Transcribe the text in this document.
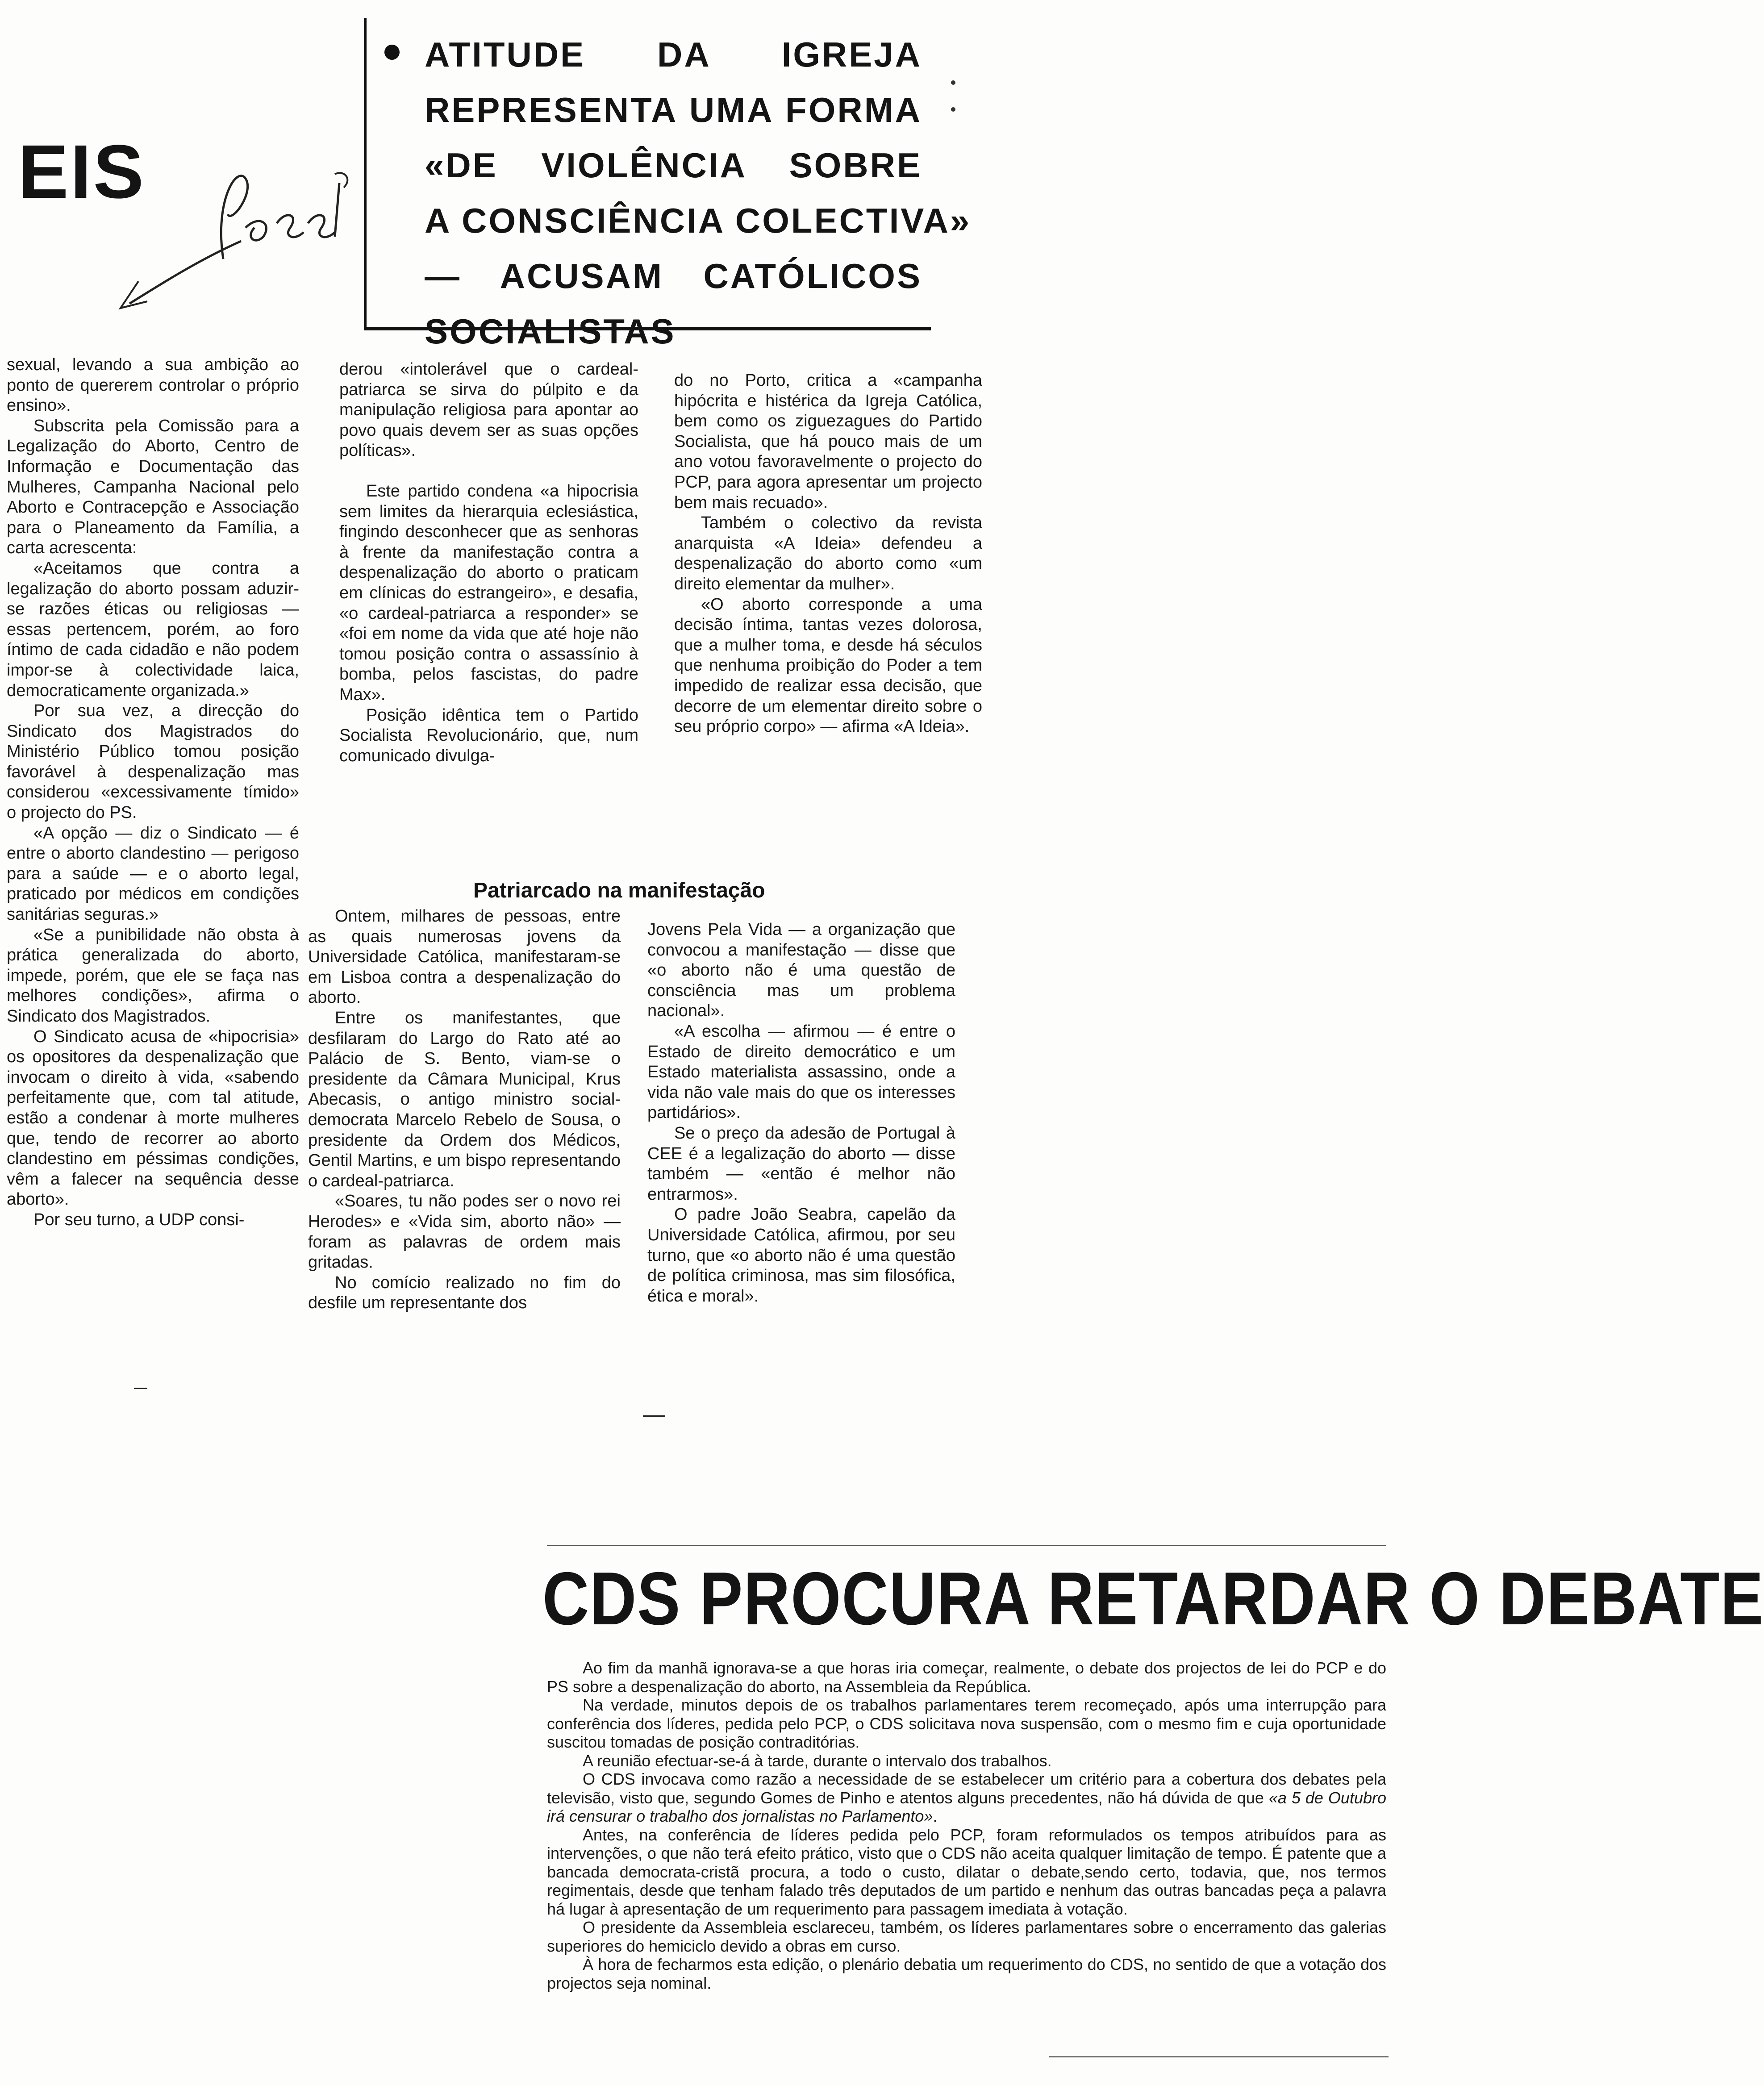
EIS
ATITUDE DA IGREJA
REPRESENTA UMA FORMA
«DE VIOLÊNCIA SOBRE
A CONSCIÊNCIA COLECTIVA»
— ACUSAM CATÓLICOS
SOCIALISTAS

sexual, levando a sua ambição ao ponto de quererem controlar o próprio ensino».

Subscrita pela Comissão para a Legalização do Aborto, Centro de Informação e Documentação das Mulheres, Campanha Nacional pelo Aborto e Contracepção e Associação para o Planeamento da Família, a carta acrescenta:

«Aceitamos que contra a legalização do aborto possam aduzir-se razões éticas ou religiosas — essas pertencem, porém, ao foro íntimo de cada cidadão e não podem impor-se à colectividade laica, democraticamente organizada.»

Por sua vez, a direcção do Sindicato dos Magistrados do Ministério Público tomou posição favorável à despenalização mas considerou «excessivamente tímido» o projecto do PS.

«A opção — diz o Sindicato — é entre o aborto clandestino — perigoso para a saúde — e o aborto legal, praticado por médicos em condições sanitárias seguras.»

«Se a punibilidade não obsta à prática generalizada do aborto, impede, porém, que ele se faça nas melhores condições», afirma o Sindicato dos Magistrados.

O Sindicato acusa de «hipocrisia» os opositores da despenalização que invocam o direito à vida, «sabendo perfeitamente que, com tal atitude, estão a condenar à morte mulheres que, tendo de recorrer ao aborto clandestino em péssimas condições, vêm a falecer na sequência desse aborto».

Por seu turno, a UDP consi-

derou «intolerável que o cardeal-patriarca se sirva do púlpito e da manipulação religiosa para apontar ao povo quais devem ser as suas opções políticas».

Este partido condena «a hipocrisia sem limites da hierarquia eclesiástica, fingindo desconhecer que as senhoras à frente da manifestação contra a despenalização do aborto o praticam em clínicas do estrangeiro», e desafia, «o cardeal-patriarca a responder» se «foi em nome da vida que até hoje não tomou posição contra o assassínio à bomba, pelos fascistas, do padre Max».

Posição idêntica tem o Partido Socialista Revolucionário, que, num comunicado divulga-

do no Porto, critica a «campanha hipócrita e histérica da Igreja Católica, bem como os ziguezagues do Partido Socialista, que há pouco mais de um ano votou favoravelmente o projecto do PCP, para agora apresentar um projecto bem mais recuado».

Também o colectivo da revista anarquista «A Ideia» defendeu a despenalização do aborto como «um direito elementar da mulher».

«O aborto corresponde a uma decisão íntima, tantas vezes dolorosa, que a mulher toma, e desde há séculos que nenhuma proibição do Poder a tem impedido de realizar essa decisão, que decorre de um elementar direito sobre o seu próprio corpo» — afirma «A Ideia».

Patriarcado na manifestação

Ontem, milhares de pessoas, entre as quais numerosas jovens da Universidade Católica, manifestaram-se em Lisboa contra a despenalização do aborto.

Entre os manifestantes, que desfilaram do Largo do Rato até ao Palácio de S. Bento, viam-se o presidente da Câmara Municipal, Krus Abecasis, o antigo ministro social-democrata Marcelo Rebelo de Sousa, o presidente da Ordem dos Médicos, Gentil Martins, e um bispo representando o cardeal-patriarca.

«Soares, tu não podes ser o novo rei Herodes» e «Vida sim, aborto não» — foram as palavras de ordem mais gritadas.

No comício realizado no fim do desfile um representante dos

Jovens Pela Vida — a organização que convocou a manifestação — disse que «o aborto não é uma questão de consciência mas um problema nacional».

«A escolha — afirmou — é entre o Estado de direito democrático e um Estado materialista assassino, onde a vida não vale mais do que os interesses partidários».

Se o preço da adesão de Portugal à CEE é a legalização do aborto — disse também — «então é melhor não entrarmos».

O padre João Seabra, capelão da Universidade Católica, afirmou, por seu turno, que «o aborto não é uma questão de política criminosa, mas sim filosófica, ética e moral».

CDS PROCURA RETARDAR O DEBATE

Ao fim da manhã ignorava-se a que horas iria começar, realmente, o debate dos projectos de lei do PCP e do PS sobre a despenalização do aborto, na Assembleia da República.

Na verdade, minutos depois de os trabalhos parlamentares terem recomeçado, após uma interrupção para conferência dos líderes, pedida pelo PCP, o CDS solicitava nova suspensão, com o mesmo fim e cuja oportunidade suscitou tomadas de posição contraditórias.

A reunião efectuar-se-á à tarde, durante o intervalo dos trabalhos.

O CDS invocava como razão a necessidade de se estabelecer um critério para a cobertura dos debates pela televisão, visto que, segundo Gomes de Pinho e atentos alguns precedentes, não há dúvida de que «a 5 de Outubro irá censurar o trabalho dos jornalistas no Parlamento».

Antes, na conferência de líderes pedida pelo PCP, foram reformulados os tempos atribuídos para as intervenções, o que não terá efeito prático, visto que o CDS não aceita qualquer limitação de tempo. É patente que a bancada democrata-cristã procura, a todo o custo, dilatar o debate,sendo certo, todavia, que, nos termos regimentais, desde que tenham falado três deputados de um partido e nenhum das outras bancadas peça a palavra há lugar à apresentação de um requerimento para passagem imediata à votação.

O presidente da Assembleia esclareceu, também, os líderes parlamentares sobre o encerramento das galerias superiores do hemiciclo devido a obras em curso.

À hora de fecharmos esta edição, o plenário debatia um requerimento do CDS, no sentido de que a votação dos projectos seja nominal.
